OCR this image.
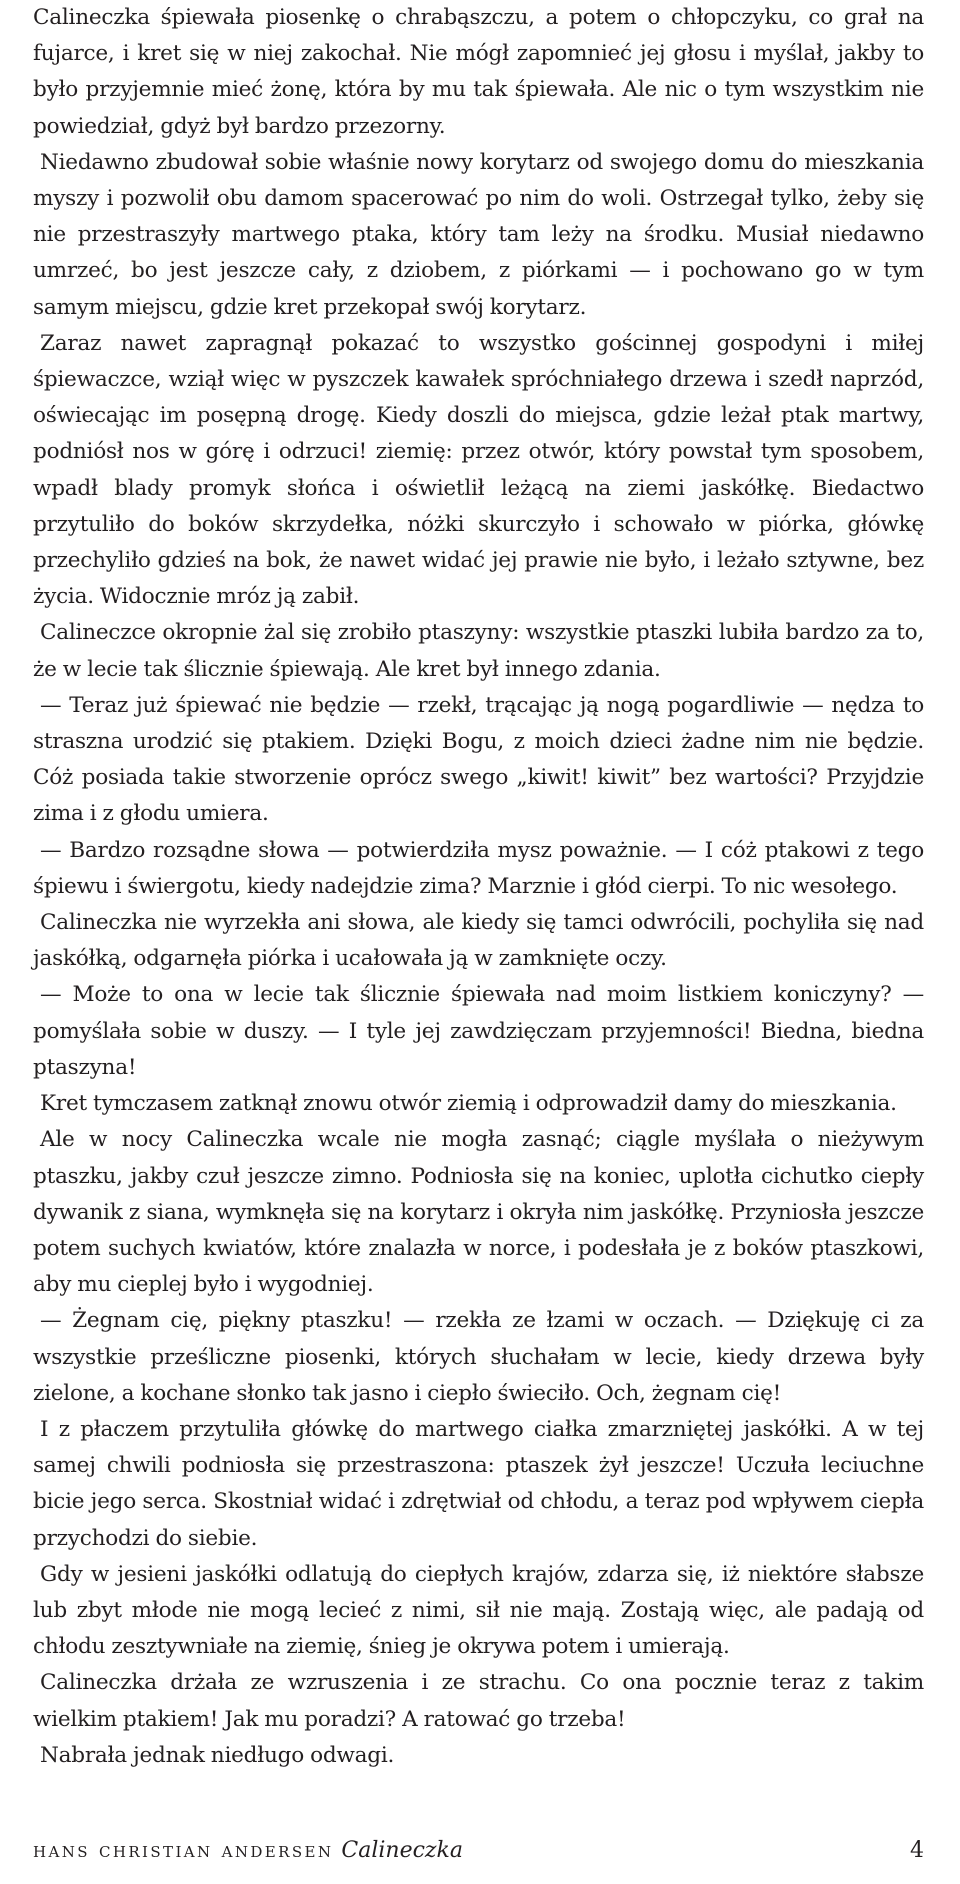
Calineczka śpiewała piosenkę o chrabąszczu, a potem o chłopczyku, co grał na fujarce, i kret się w niej zakochał. Nie mógł zapomnieć jej głosu i myślał, jakby to było przyjemnie mieć żonę, która by mu tak śpiewała. Ale nic o tym wszystkim nie powiedział, gdyż był bardzo przezorny.

Niedawno zbudował sobie właśnie nowy korytarz od swojego domu do mieszkania myszy i pozwolił obu damom spacerować po nim do woli. Ostrzegał tylko, żeby się nie przestraszyły martwego ptaka, który tam leży na środku. Musiał niedawno umrzeć, bo jest jeszcze cały, z dziobem, z piórkami — i pochowano go w tym samym miejscu, gdzie kret przekopał swój korytarz.

Zaraz nawet zapragnął pokazać to wszystko gościnnej gospodyni i miłej śpiewaczce, wziął więc w pyszczek kawałek spróchniałego drzewa i szedł naprzód, oświecając im posępną drogę. Kiedy doszli do miejsca, gdzie leżał ptak martwy, podniósł nos w górę i odrzuci! ziemię: przez otwór, który powstał tym sposobem, wpadł blady promyk słońca i oświetlił leżącą na ziemi jaskółkę. Biedactwo przytuliło do boków skrzydełka, nóżki skurczyło i schowało w piórka, główkę przechyliło gdzieś na bok, że nawet widać jej prawie nie było, i leżało sztywne, bez życia. Widocznie mróz ją zabił.

Calineczce okropnie żal się zrobiło ptaszyny: wszystkie ptaszki lubiła bardzo za to, że w lecie tak ślicznie śpiewają. Ale kret był innego zdania.

— Teraz już śpiewać nie będzie — rzekł, trącając ją nogą pogardliwie — nędza to straszna urodzić się ptakiem. Dzięki Bogu, z moich dzieci żadne nim nie będzie. Cóż posiada takie stworzenie oprócz swego „kiwit! kiwit” bez wartości? Przyjdzie zima i z głodu umiera.

— Bardzo rozsądne słowa — potwierdziła mysz poważnie. — I cóż ptakowi z tego śpiewu i świergotu, kiedy nadejdzie zima? Marznie i głód cierpi. To nic wesołego.

Calineczka nie wyrzekła ani słowa, ale kiedy się tamci odwrócili, pochyliła się nad jaskółką, odgarnęła piórka i ucałowała ją w zamknięte oczy.

— Może to ona w lecie tak ślicznie śpiewała nad moim listkiem koniczyny? — pomyślała sobie w duszy. — I tyle jej zawdzięczam przyjemności! Biedna, biedna ptaszyna!

Kret tymczasem zatknął znowu otwór ziemią i odprowadził damy do mieszkania.

Ale w nocy Calineczka wcale nie mogła zasnąć; ciągle myślała o nieżywym ptaszku, jakby czuł jeszcze zimno. Podniosła się na koniec, uplotła cichutko ciepły dywanik z siana, wymknęła się na korytarz i okryła nim jaskółkę. Przyniosła jeszcze potem suchych kwiatów, które znalazła w norce, i podesłała je z boków ptaszkowi, aby mu cieplej było i wygodniej.

— Żegnam cię, piękny ptaszku! — rzekła ze łzami w oczach. — Dziękuję ci za wszystkie prześliczne piosenki, których słuchałam w lecie, kiedy drzewa były zielone, a kochane słonko tak jasno i ciepło świeciło. Och, żegnam cię!

I z płaczem przytuliła główkę do martwego ciałka zmarzniętej jaskółki. A w tej samej chwili podniosła się przestraszona: ptaszek żył jeszcze! Uczuła leciuchne bicie jego serca. Skostniał widać i zdrętwiał od chłodu, a teraz pod wpływem ciepła przychodzi do siebie.

Gdy w jesieni jaskółki odlatują do ciepłych krajów, zdarza się, iż niektóre słabsze lub zbyt młode nie mogą lecieć z nimi, sił nie mają. Zostają więc, ale padają od chłodu zesztywniałe na ziemię, śnieg je okrywa potem i umierają.

Calineczka drżała ze wzruszenia i ze strachu. Co ona pocznie teraz z takim wielkim ptakiem! Jak mu poradzi? A ratować go trzeba!

Nabrała jednak niedługo odwagi.

hans christian andersen Calineczka	4
